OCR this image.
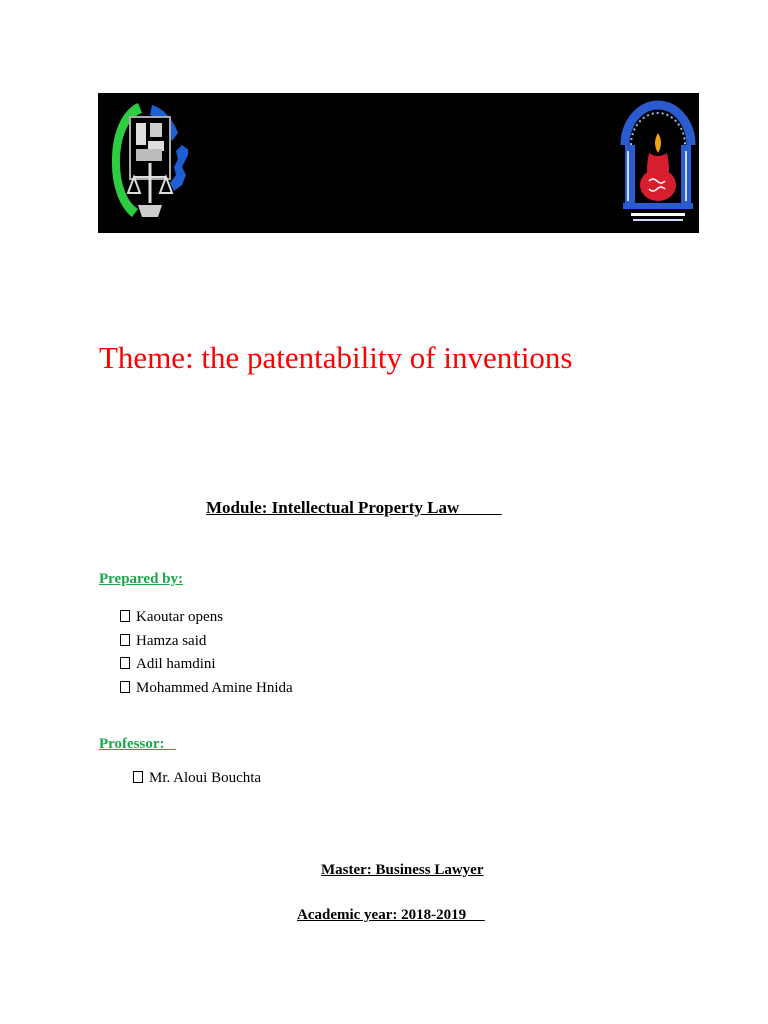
Theme: the patentability of inventions
Module: Intellectual Property Law
Prepared by:
Kaoutar opens
Hamza said
Adil hamdini
Mohammed Amine Hnida
Professor:
Mr. Aloui Bouchta
Master: Business Lawyer
Academic year: 2018-2019
